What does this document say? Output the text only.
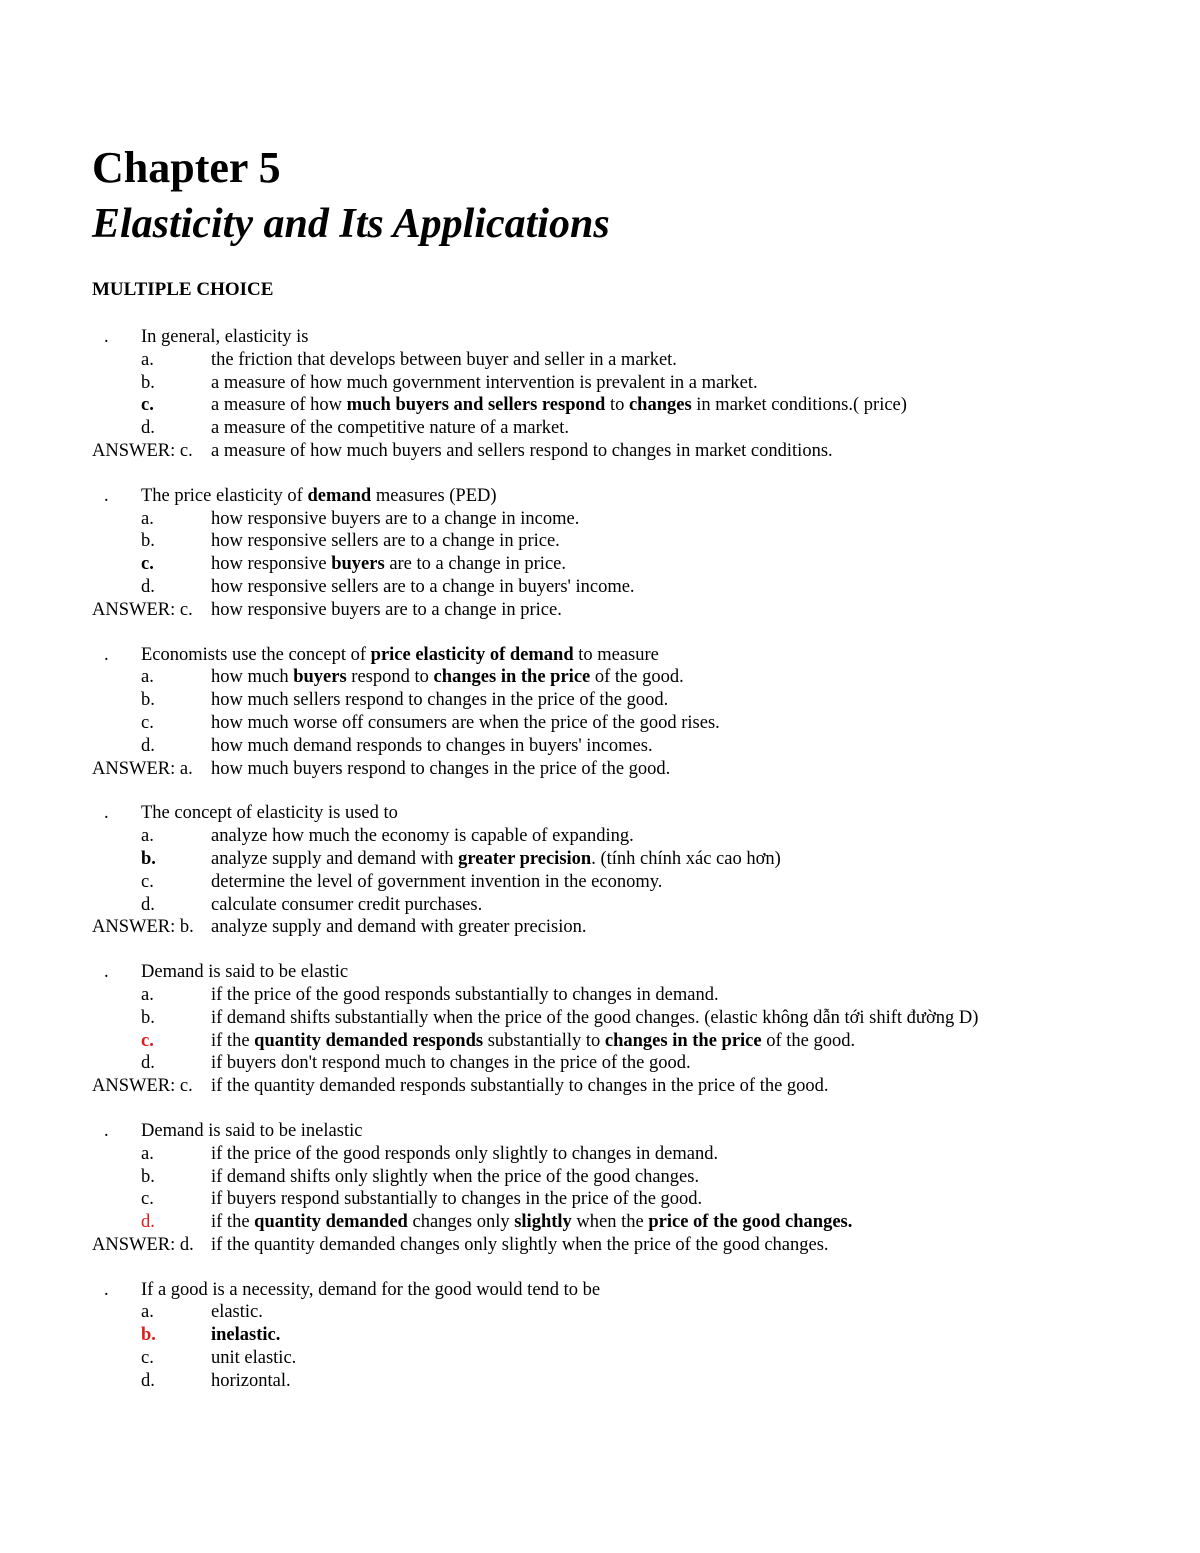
Chapter 5
Elasticity and Its Applications
MULTIPLE CHOICE
. In general, elasticity is
a.	the friction that develops between buyer and seller in a market.
b.	a measure of how much government intervention is prevalent in a market.
c.	a measure of how much buyers and sellers respond to changes in market conditions.( price)
d.	a measure of the competitive nature of a market.
ANSWER: c. a measure of how much buyers and sellers respond to changes in market conditions.
. The price elasticity of demand measures (PED)
a.	how responsive buyers are to a change in income.
b.	how responsive sellers are to a change in price.
c.	how responsive buyers are to a change in price.
d.	how responsive sellers are to a change in buyers' income.
ANSWER: c. how responsive buyers are to a change in price.
. Economists use the concept of price elasticity of demand to measure
a.	how much buyers respond to changes in the price of the good.
b.	how much sellers respond to changes in the price of the good.
c.	how much worse off consumers are when the price of the good rises.
d.	how much demand responds to changes in buyers' incomes.
ANSWER: a. how much buyers respond to changes in the price of the good.
. The concept of elasticity is used to
a.	analyze how much the economy is capable of expanding.
b.	analyze supply and demand with greater precision. (tính chính xác cao hơn)
c.	determine the level of government invention in the economy.
d.	calculate consumer credit purchases.
ANSWER: b. analyze supply and demand with greater precision.
. Demand is said to be elastic
a.	if the price of the good responds substantially to changes in demand.
b.	if demand shifts substantially when the price of the good changes. (elastic không dẫn tới shift đường D)
c.	if the quantity demanded responds substantially to changes in the price of the good.
d.	if buyers don't respond much to changes in the price of the good.
ANSWER: c. if the quantity demanded responds substantially to changes in the price of the good.
. Demand is said to be inelastic
a.	if the price of the good responds only slightly to changes in demand.
b.	if demand shifts only slightly when the price of the good changes.
c.	if buyers respond substantially to changes in the price of the good.
d.	if the quantity demanded changes only slightly when the price of the good changes.
ANSWER: d. if the quantity demanded changes only slightly when the price of the good changes.
. If a good is a necessity, demand for the good would tend to be
a.	elastic.
b.	inelastic.
c.	unit elastic.
d.	horizontal.
